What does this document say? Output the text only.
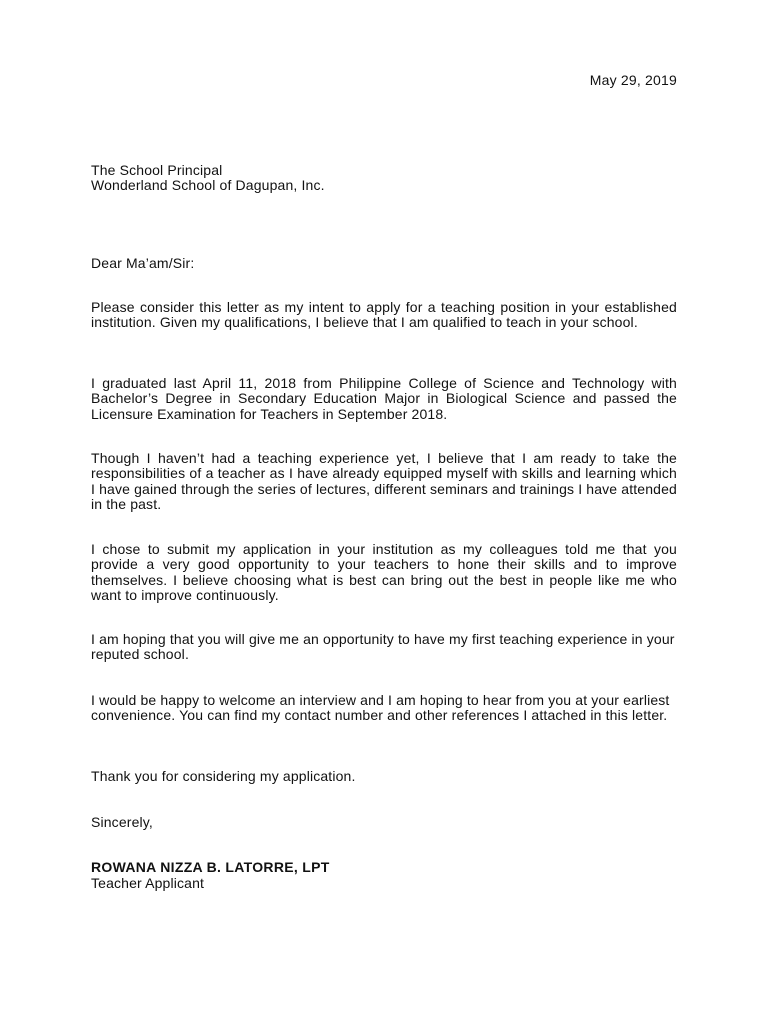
May 29, 2019
The School Principal
Wonderland School of Dagupan, Inc.
Dear Ma’am/Sir:
Please consider this letter as my intent to apply for a teaching position in your established institution. Given my qualifications, I believe that I am qualified to teach in your school.
I graduated last April 11, 2018 from Philippine College of Science and Technology with Bachelor’s Degree in Secondary Education Major in Biological Science and passed the Licensure Examination for Teachers in September 2018.
Though I haven’t had a teaching experience yet, I believe that I am ready to take the responsibilities of a teacher as I have already equipped myself with skills and learning which I have gained through the series of lectures, different seminars and trainings I have attended in the past.
I chose to submit my application in your institution as my colleagues told me that you provide a very good opportunity to your teachers to hone their skills and to improve themselves. I believe choosing what is best can bring out the best in people like me who want to improve continuously.
I am hoping that you will give me an opportunity to have my first teaching experience in your reputed school.
I would be happy to welcome an interview and I am hoping to hear from you at your earliest convenience. You can find my contact number and other references I attached in this letter.
Thank you for considering my application.
Sincerely,
ROWANA NIZZA B. LATORRE, LPT
Teacher Applicant
